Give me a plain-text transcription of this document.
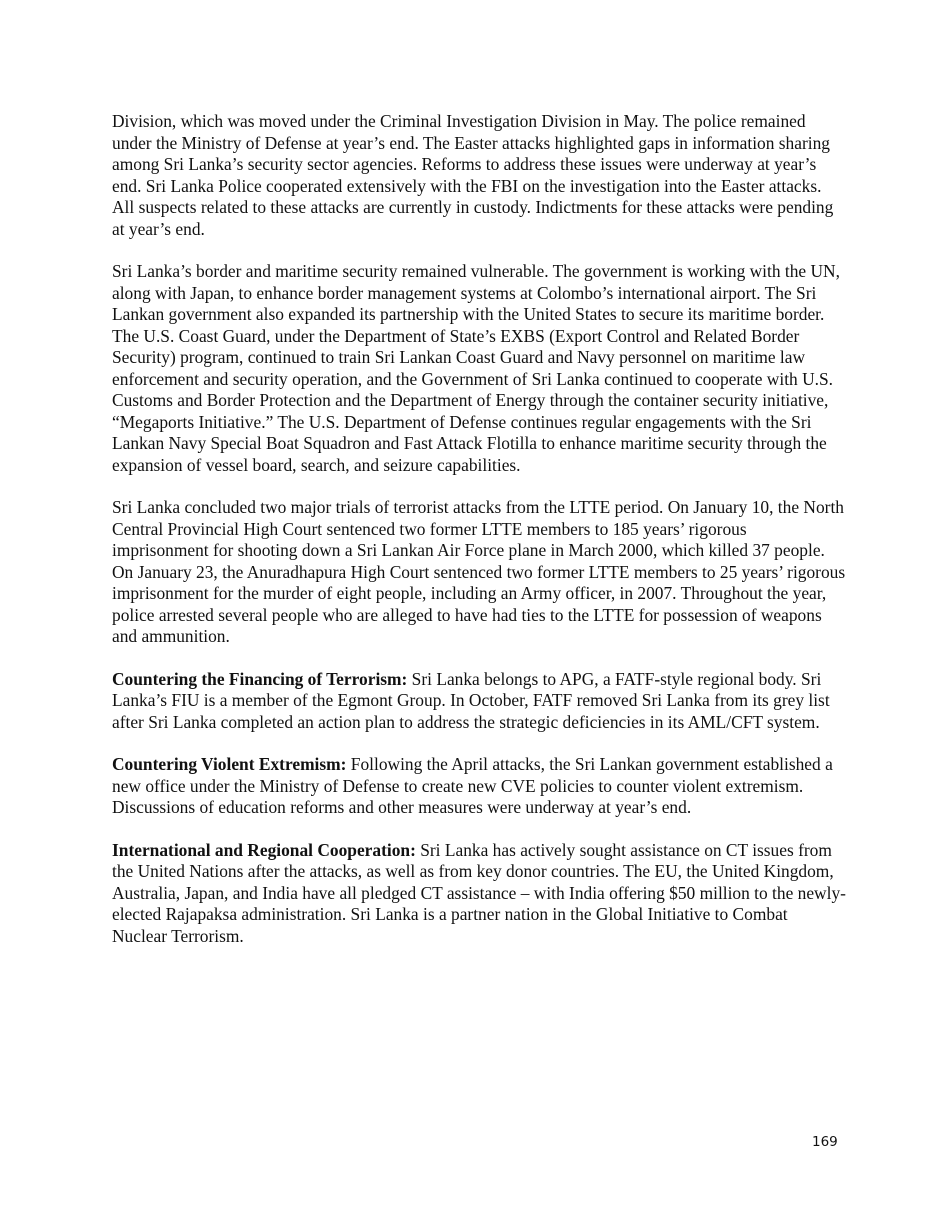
Division, which was moved under the Criminal Investigation Division in May. The police remained under the Ministry of Defense at year’s end. The Easter attacks highlighted gaps in information sharing among Sri Lanka’s security sector agencies. Reforms to address these issues were underway at year’s end. Sri Lanka Police cooperated extensively with the FBI on the investigation into the Easter attacks. All suspects related to these attacks are currently in custody. Indictments for these attacks were pending at year’s end.

Sri Lanka’s border and maritime security remained vulnerable. The government is working with the UN, along with Japan, to enhance border management systems at Colombo’s international airport. The Sri Lankan government also expanded its partnership with the United States to secure its maritime border. The U.S. Coast Guard, under the Department of State’s EXBS (Export Control and Related Border Security) program, continued to train Sri Lankan Coast Guard and Navy personnel on maritime law enforcement and security operation, and the Government of Sri Lanka continued to cooperate with U.S. Customs and Border Protection and the Department of Energy through the container security initiative, “Megaports Initiative.” The U.S. Department of Defense continues regular engagements with the Sri Lankan Navy Special Boat Squadron and Fast Attack Flotilla to enhance maritime security through the expansion of vessel board, search, and seizure capabilities.

Sri Lanka concluded two major trials of terrorist attacks from the LTTE period. On January 10, the North Central Provincial High Court sentenced two former LTTE members to 185 years’ rigorous imprisonment for shooting down a Sri Lankan Air Force plane in March 2000, which killed 37 people. On January 23, the Anuradhapura High Court sentenced two former LTTE members to 25 years’ rigorous imprisonment for the murder of eight people, including an Army officer, in 2007. Throughout the year, police arrested several people who are alleged to have had ties to the LTTE for possession of weapons and ammunition.

Countering the Financing of Terrorism: Sri Lanka belongs to APG, a FATF-style regional body. Sri Lanka’s FIU is a member of the Egmont Group. In October, FATF removed Sri Lanka from its grey list after Sri Lanka completed an action plan to address the strategic deficiencies in its AML/CFT system.

Countering Violent Extremism: Following the April attacks, the Sri Lankan government established a new office under the Ministry of Defense to create new CVE policies to counter violent extremism. Discussions of education reforms and other measures were underway at year’s end.

International and Regional Cooperation: Sri Lanka has actively sought assistance on CT issues from the United Nations after the attacks, as well as from key donor countries. The EU, the United Kingdom, Australia, Japan, and India have all pledged CT assistance – with India offering $50 million to the newly-elected Rajapaksa administration. Sri Lanka is a partner nation in the Global Initiative to Combat Nuclear Terrorism.

169
